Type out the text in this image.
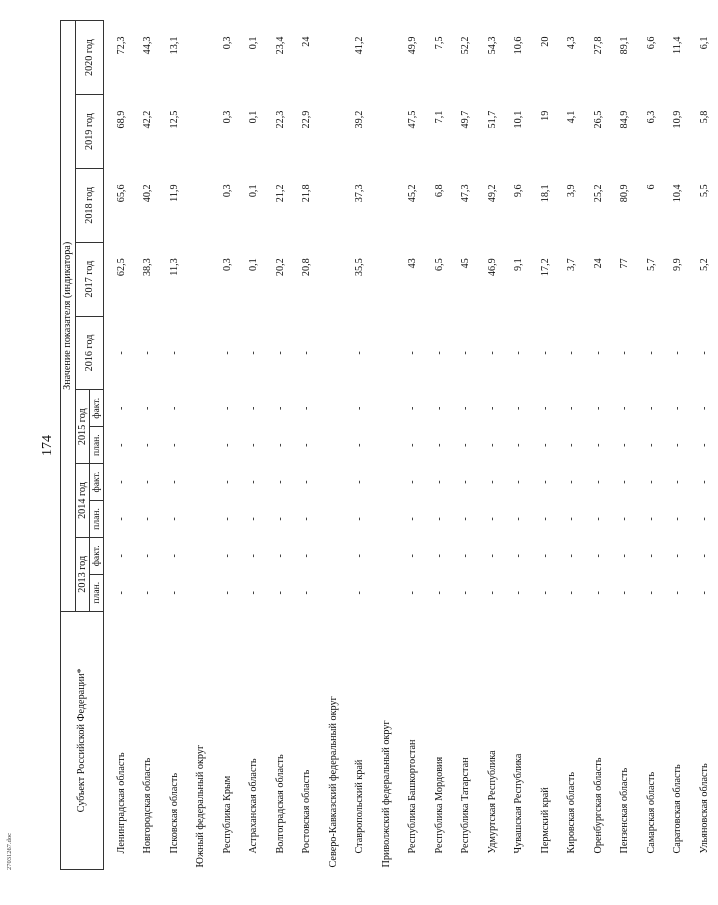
174
27031267.doc
Субъект Российской Федерации*	Значение показателя (индикатора)										
	2013 год		2014 год		2015 год		2016 год	2017 год	2018 год	2019 год	2020 год
	план.	факт.	план.	факт.	план.	факт.					
Ленинградская область	-	-	-	-	-	-	-	62,5	65,6	68,9	72,3
Новгородская область	-	-	-	-	-	-	-	38,3	40,2	42,2	44,3
Псковская область	-	-	-	-	-	-	-	11,3	11,9	12,5	13,1
Южный федеральный округ											
Республика Крым	-	-	-	-	-	-	-	0,3	0,3	0,3	0,3
Астраханская область	-	-	-	-	-	-	-	0,1	0,1	0,1	0,1
Волгоградская область	-	-	-	-	-	-	-	20,2	21,2	22,3	23,4
Ростовская область	-	-	-	-	-	-	-	20,8	21,8	22,9	24
Северо-Кавказский федеральный округ											
Ставропольский край	-	-	-	-	-	-	-	35,5	37,3	39,2	41,2
Приволжский федеральный округ											
Республика Башкортостан	-	-	-	-	-	-	-	43	45,2	47,5	49,9
Республика Мордовия	-	-	-	-	-	-	-	6,5	6,8	7,1	7,5
Республика Татарстан	-	-	-	-	-	-	-	45	47,3	49,7	52,2
Удмуртская Республика	-	-	-	-	-	-	-	46,9	49,2	51,7	54,3
Чувашская Республика	-	-	-	-	-	-	-	9,1	9,6	10,1	10,6
Пермский край	-	-	-	-	-	-	-	17,2	18,1	19	20
Кировская область	-	-	-	-	-	-	-	3,7	3,9	4,1	4,3
Оренбургская область	-	-	-	-	-	-	-	24	25,2	26,5	27,8
Пензенская область	-	-	-	-	-	-	-	77	80,9	84,9	89,1
Самарская область	-	-	-	-	-	-	-	5,7	6	6,3	6,6
Саратовская область	-	-	-	-	-	-	-	9,9	10,4	10,9	11,4
Ульяновская область	-	-	-	-	-	-	-	5,2	5,5	5,8	6,1
